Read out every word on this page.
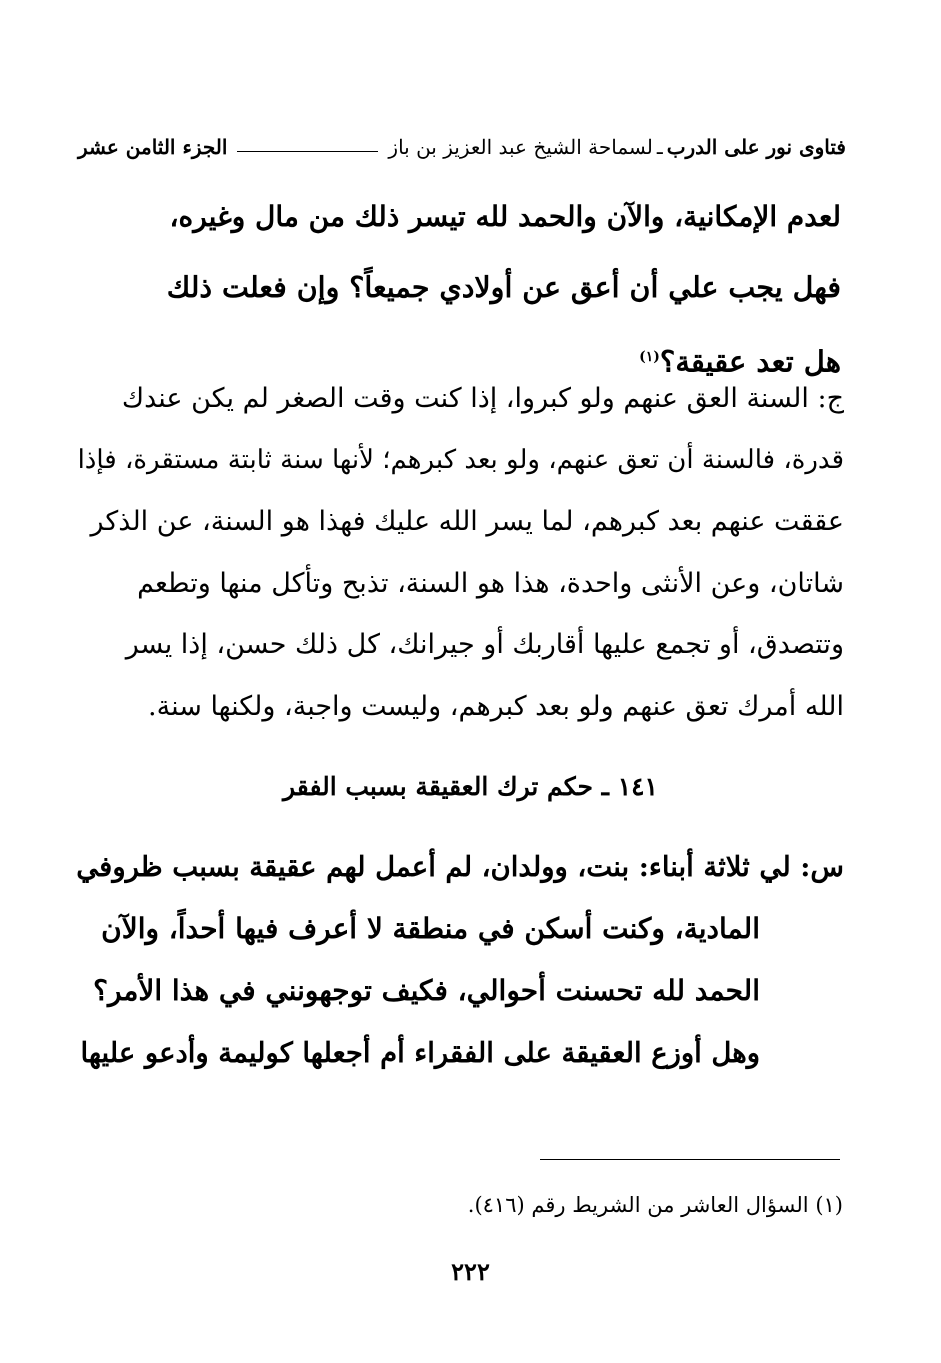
فتاوى نور على الدرب
ـ
لسماحة الشيخ عبد العزيز بن باز
الجزء الثامن عشر
لعدم الإمكانية، والآن والحمد لله تيسر ذلك من مال وغيره،
فهل يجب علي أن أعق عن أولادي جميعاً؟ وإن فعلت ذلك
هل تعد عقيقة؟$^{(١)}$
ج: السنة العق عنهم ولو كبروا، إذا كنت وقت الصغر لم يكن عندك
قدرة، فالسنة أن تعق عنهم، ولو بعد كبرهم؛ لأنها سنة ثابتة مستقرة، فإذا
عققت عنهم بعد كبرهم، لما يسر الله عليك فهذا هو السنة، عن الذكر
شاتان، وعن الأنثى واحدة، هذا هو السنة، تذبح وتأكل منها وتطعم
وتتصدق، أو تجمع عليها أقاربك أو جيرانك، كل ذلك حسن، إذا يسر
الله أمرك تعق عنهم ولو بعد كبرهم، وليست واجبة، ولكنها سنة.
١٤١ ـ حكم ترك العقيقة بسبب الفقر
س: لي ثلاثة أبناء: بنت، وولدان، لم أعمل لهم عقيقة بسبب ظروفي
المادية، وكنت أسكن في منطقة لا أعرف فيها أحداً، والآن
الحمد لله تحسنت أحوالي، فكيف توجهونني في هذا الأمر؟
وهل أوزع العقيقة على الفقراء أم أجعلها كوليمة وأدعو عليها
(١) السؤال العاشر من الشريط رقم (٤١٦).
٢٢٢
